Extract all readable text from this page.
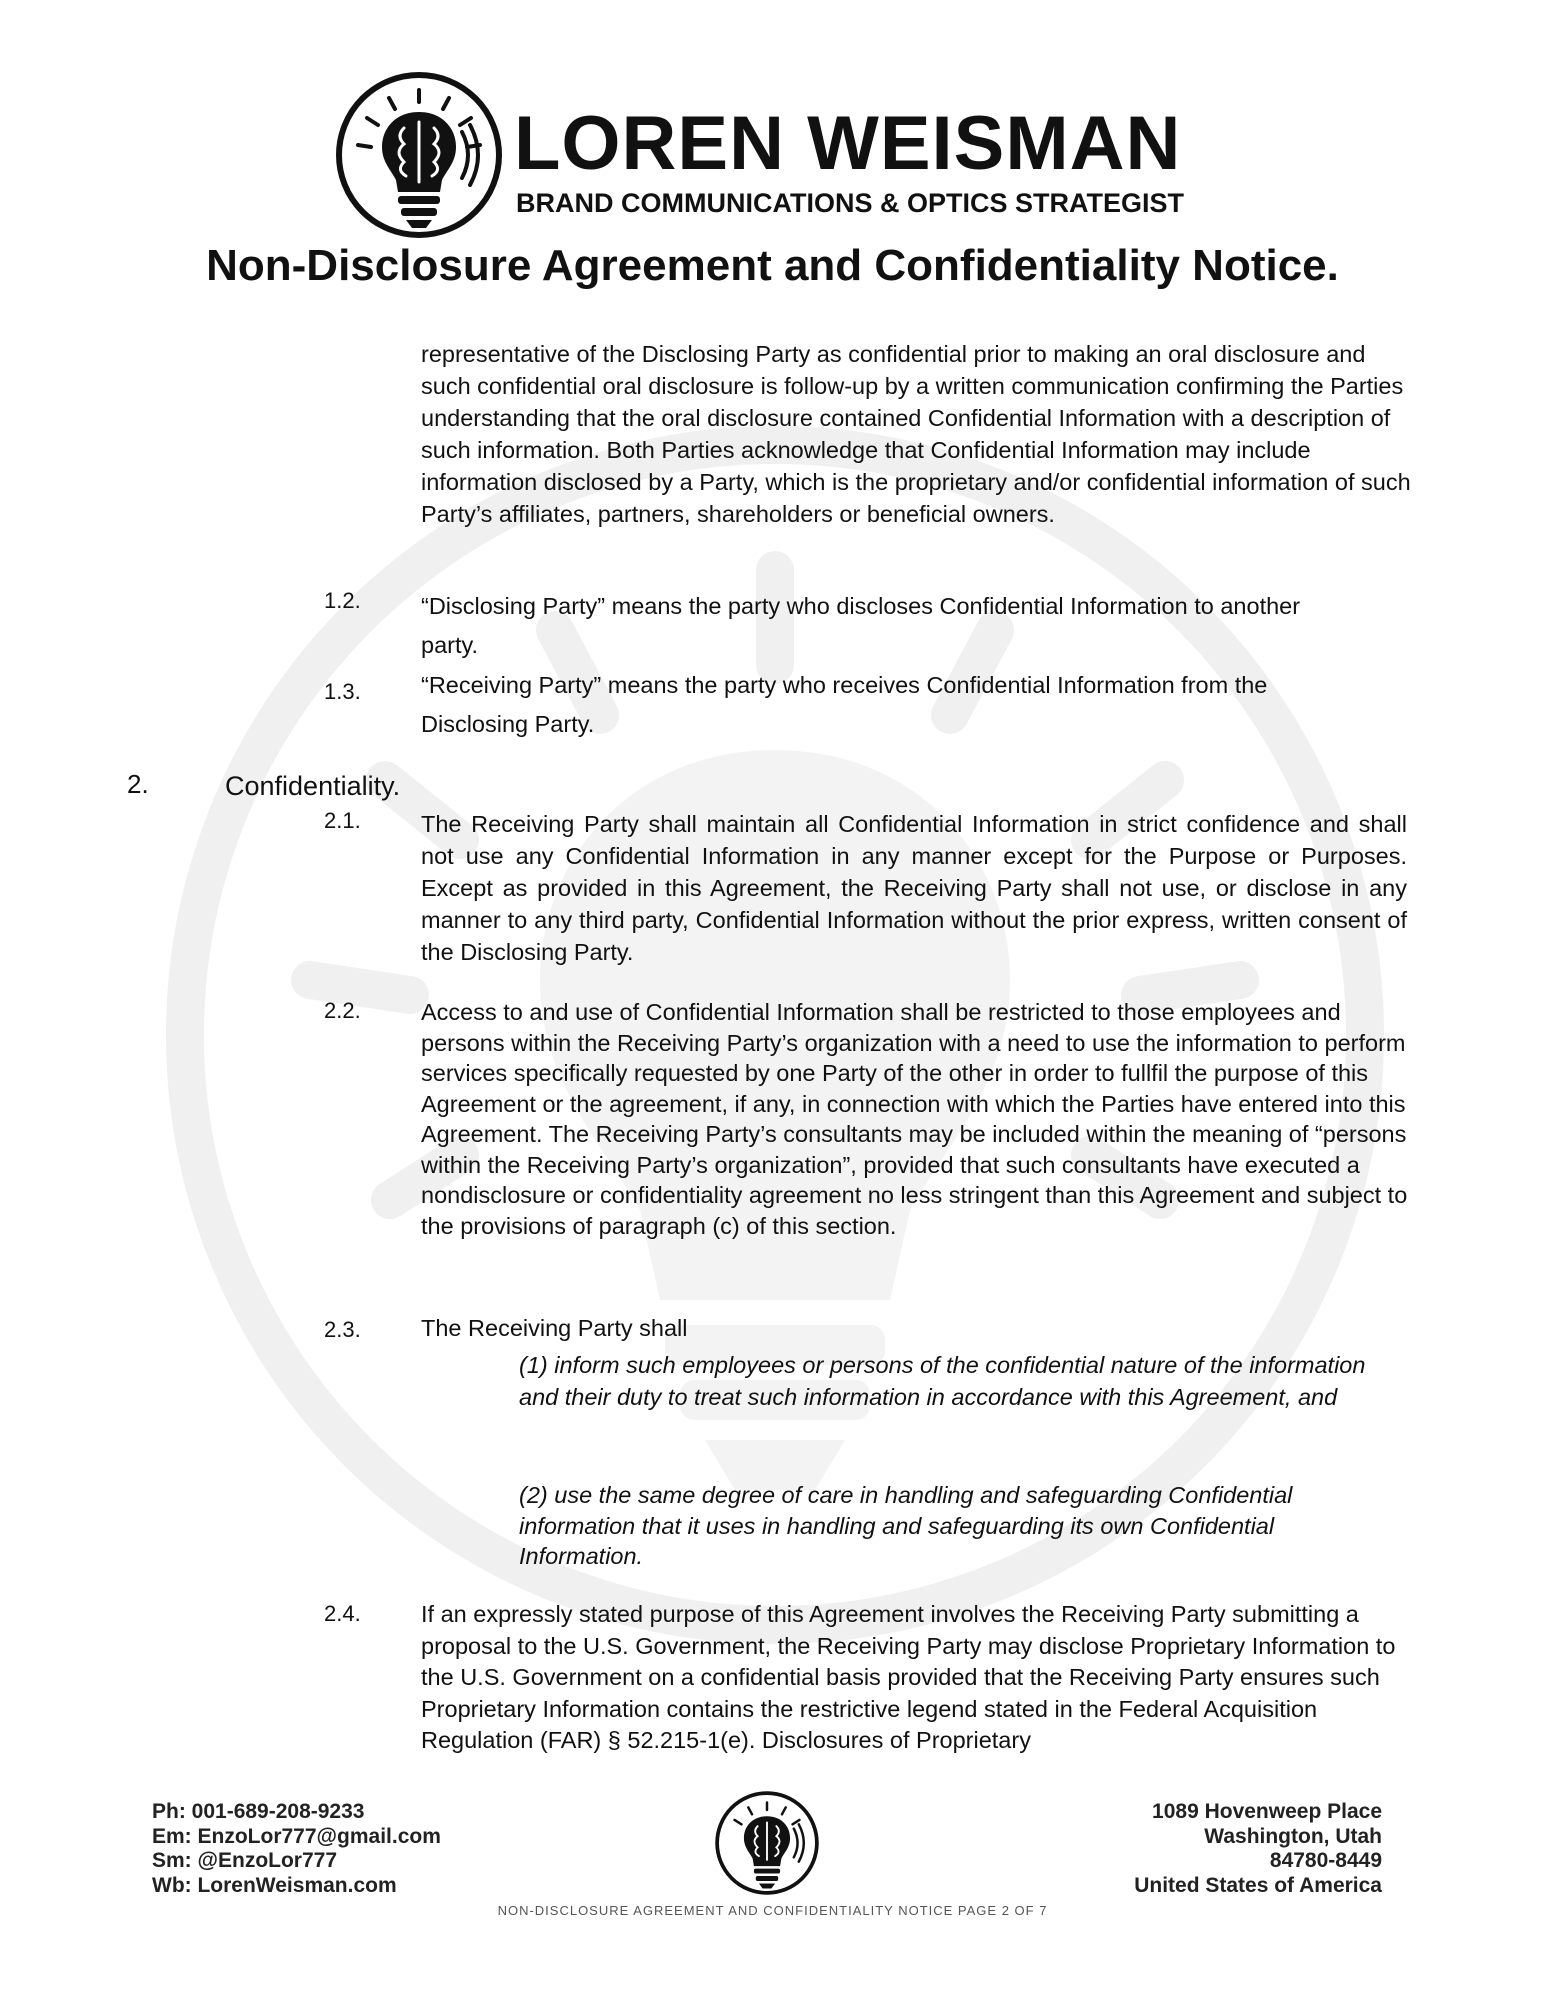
LOREN WEISMAN
BRAND COMMUNICATIONS & OPTICS STRATEGIST
Non-Disclosure Agreement and Confidentiality Notice.

representative of the Disclosing Party as confidential prior to making an oral disclosure and such confidential oral disclosure is follow-up by a written communication confirming the Parties understanding that the oral disclosure contained Confidential Information with a description of such information. Both Parties acknowledge that Confidential Information may include information disclosed by a Party, which is the proprietary and/or confidential information of such Party’s affiliates, partners, shareholders or beneficial owners.

1.2.	“Disclosing Party” means the party who discloses Confidential Information to another party.

1.3.	“Receiving Party” means the party who receives Confidential Information from the Disclosing Party.

2.	Confidentiality.
2.1.	The Receiving Party shall maintain all Confidential Information in strict confidence and shall not use any Confidential Information in any manner except for the Purpose or Purposes. Except as provided in this Agreement, the Receiving Party shall not use, or disclose in any manner to any third party, Confidential Information without the prior express, written consent of the Disclosing Party.

2.2.	Access to and use of Confidential Information shall be restricted to those employees and persons within the Receiving Party’s organization with a need to use the information to perform services specifically requested by one Party of the other in order to fullfil the purpose of this Agreement or the agreement, if any, in connection with which the Parties have entered into this Agreement. The Receiving Party’s consultants may be included within the meaning of “persons within the Receiving Party’s organization”, provided that such consultants have executed a nondisclosure or confidentiality agreement no less stringent than this Agreement and subject to the provisions of paragraph (c) of this section.

2.3.	The Receiving Party shall

(1) inform such employees or persons of the confidential nature of the information and their duty to treat such information in accordance with this Agreement, and

(2) use the same degree of care in handling and safeguarding Confidential information that it uses in handling and safeguarding its own Confidential Information.

2.4.	If an expressly stated purpose of this Agreement involves the Receiving Party submitting a proposal to the U.S. Government, the Receiving Party may disclose Proprietary Information to the U.S. Government on a confidential basis provided that the Receiving Party ensures such Proprietary Information contains the restrictive legend stated in the Federal Acquisition Regulation (FAR) § 52.215-1(e). Disclosures of Proprietary

Ph: 001-689-208-9233
Em: EnzoLor777@gmail.com
Sm: @EnzoLor777
Wb: LorenWeisman.com
1089 Hovenweep Place
Washington, Utah
84780-8449
United States of America
NON-DISCLOSURE AGREEMENT AND CONFIDENTIALITY NOTICE PAGE 2 OF 7
